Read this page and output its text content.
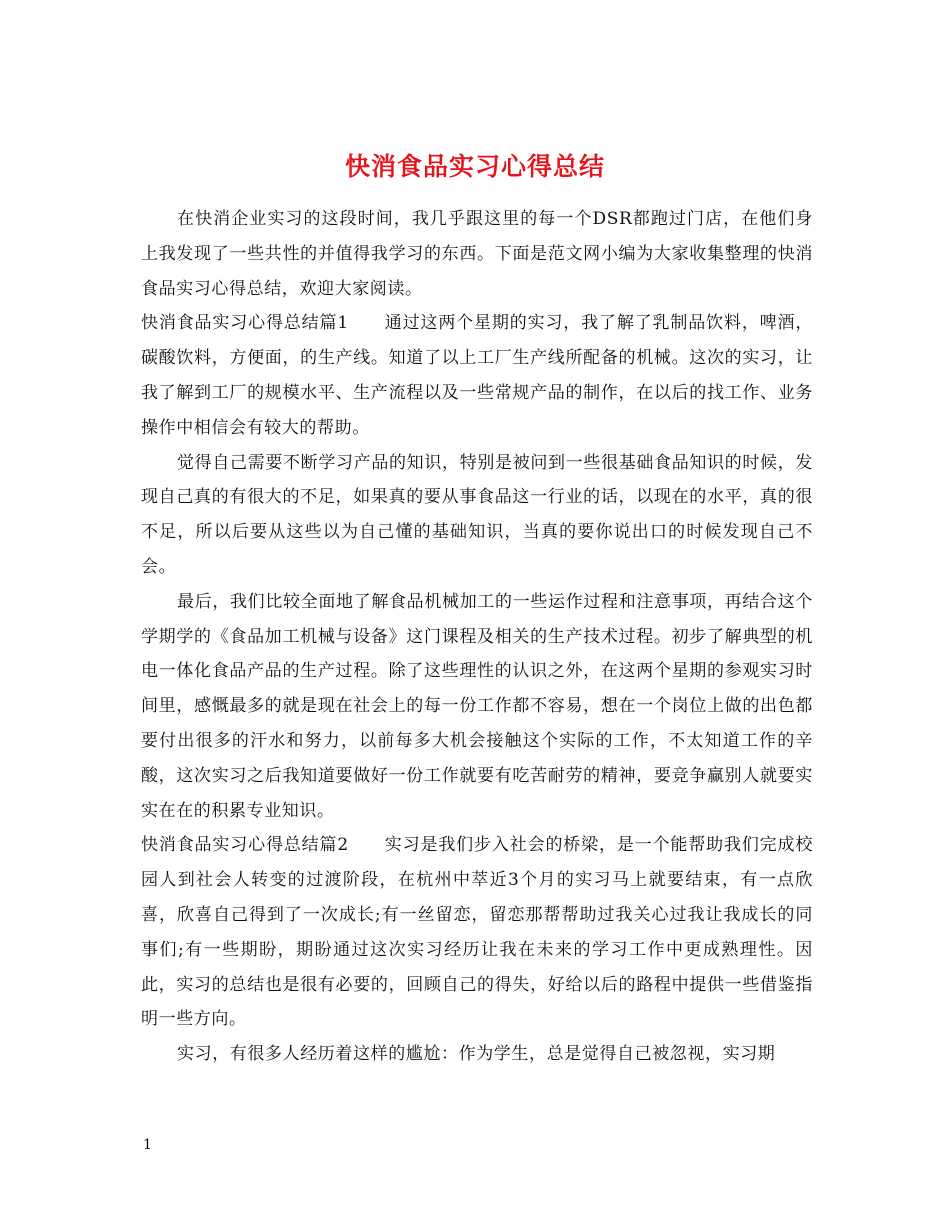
快消食品实习心得总结

在快消企业实习的这段时间，我几乎跟这里的每一个DSR都跑过门店，在他们身上我发现了一些共性的并值得我学习的东西。下面是范文网小编为大家收集整理的快消食品实习心得总结，欢迎大家阅读。

快消食品实习心得总结篇1　　通过这两个星期的实习，我了解了乳制品饮料，啤酒，碳酸饮料，方便面，的生产线。知道了以上工厂生产线所配备的机械。这次的实习，让我了解到工厂的规模水平、生产流程以及一些常规产品的制作，在以后的找工作、业务操作中相信会有较大的帮助。

觉得自己需要不断学习产品的知识，特别是被问到一些很基础食品知识的时候，发现自己真的有很大的不足，如果真的要从事食品这一行业的话，以现在的水平，真的很不足，所以后要从这些以为自己懂的基础知识，当真的要你说出口的时候发现自己不会。

最后，我们比较全面地了解食品机械加工的一些运作过程和注意事项，再结合这个学期学的《食品加工机械与设备》这门课程及相关的生产技术过程。初步了解典型的机电一体化食品产品的生产过程。除了这些理性的认识之外，在这两个星期的参观实习时间里，感慨最多的就是现在社会上的每一份工作都不容易，想在一个岗位上做的出色都要付出很多的汗水和努力，以前每多大机会接触这个实际的工作，不太知道工作的辛酸，这次实习之后我知道要做好一份工作就要有吃苦耐劳的精神，要竞争赢别人就要实实在在的积累专业知识。

快消食品实习心得总结篇2　　实习是我们步入社会的桥梁，是一个能帮助我们完成校园人到社会人转变的过渡阶段，在杭州中萃近3个月的实习马上就要结束，有一点欣喜，欣喜自己得到了一次成长;有一丝留恋，留恋那帮帮助过我关心过我让我成长的同事们;有一些期盼，期盼通过这次实习经历让我在未来的学习工作中更成熟理性。因此，实习的总结也是很有必要的，回顾自己的得失，好给以后的路程中提供一些借鉴指明一些方向。

实习，有很多人经历着这样的尴尬：作为学生，总是觉得自己被忽视，实习期

1
